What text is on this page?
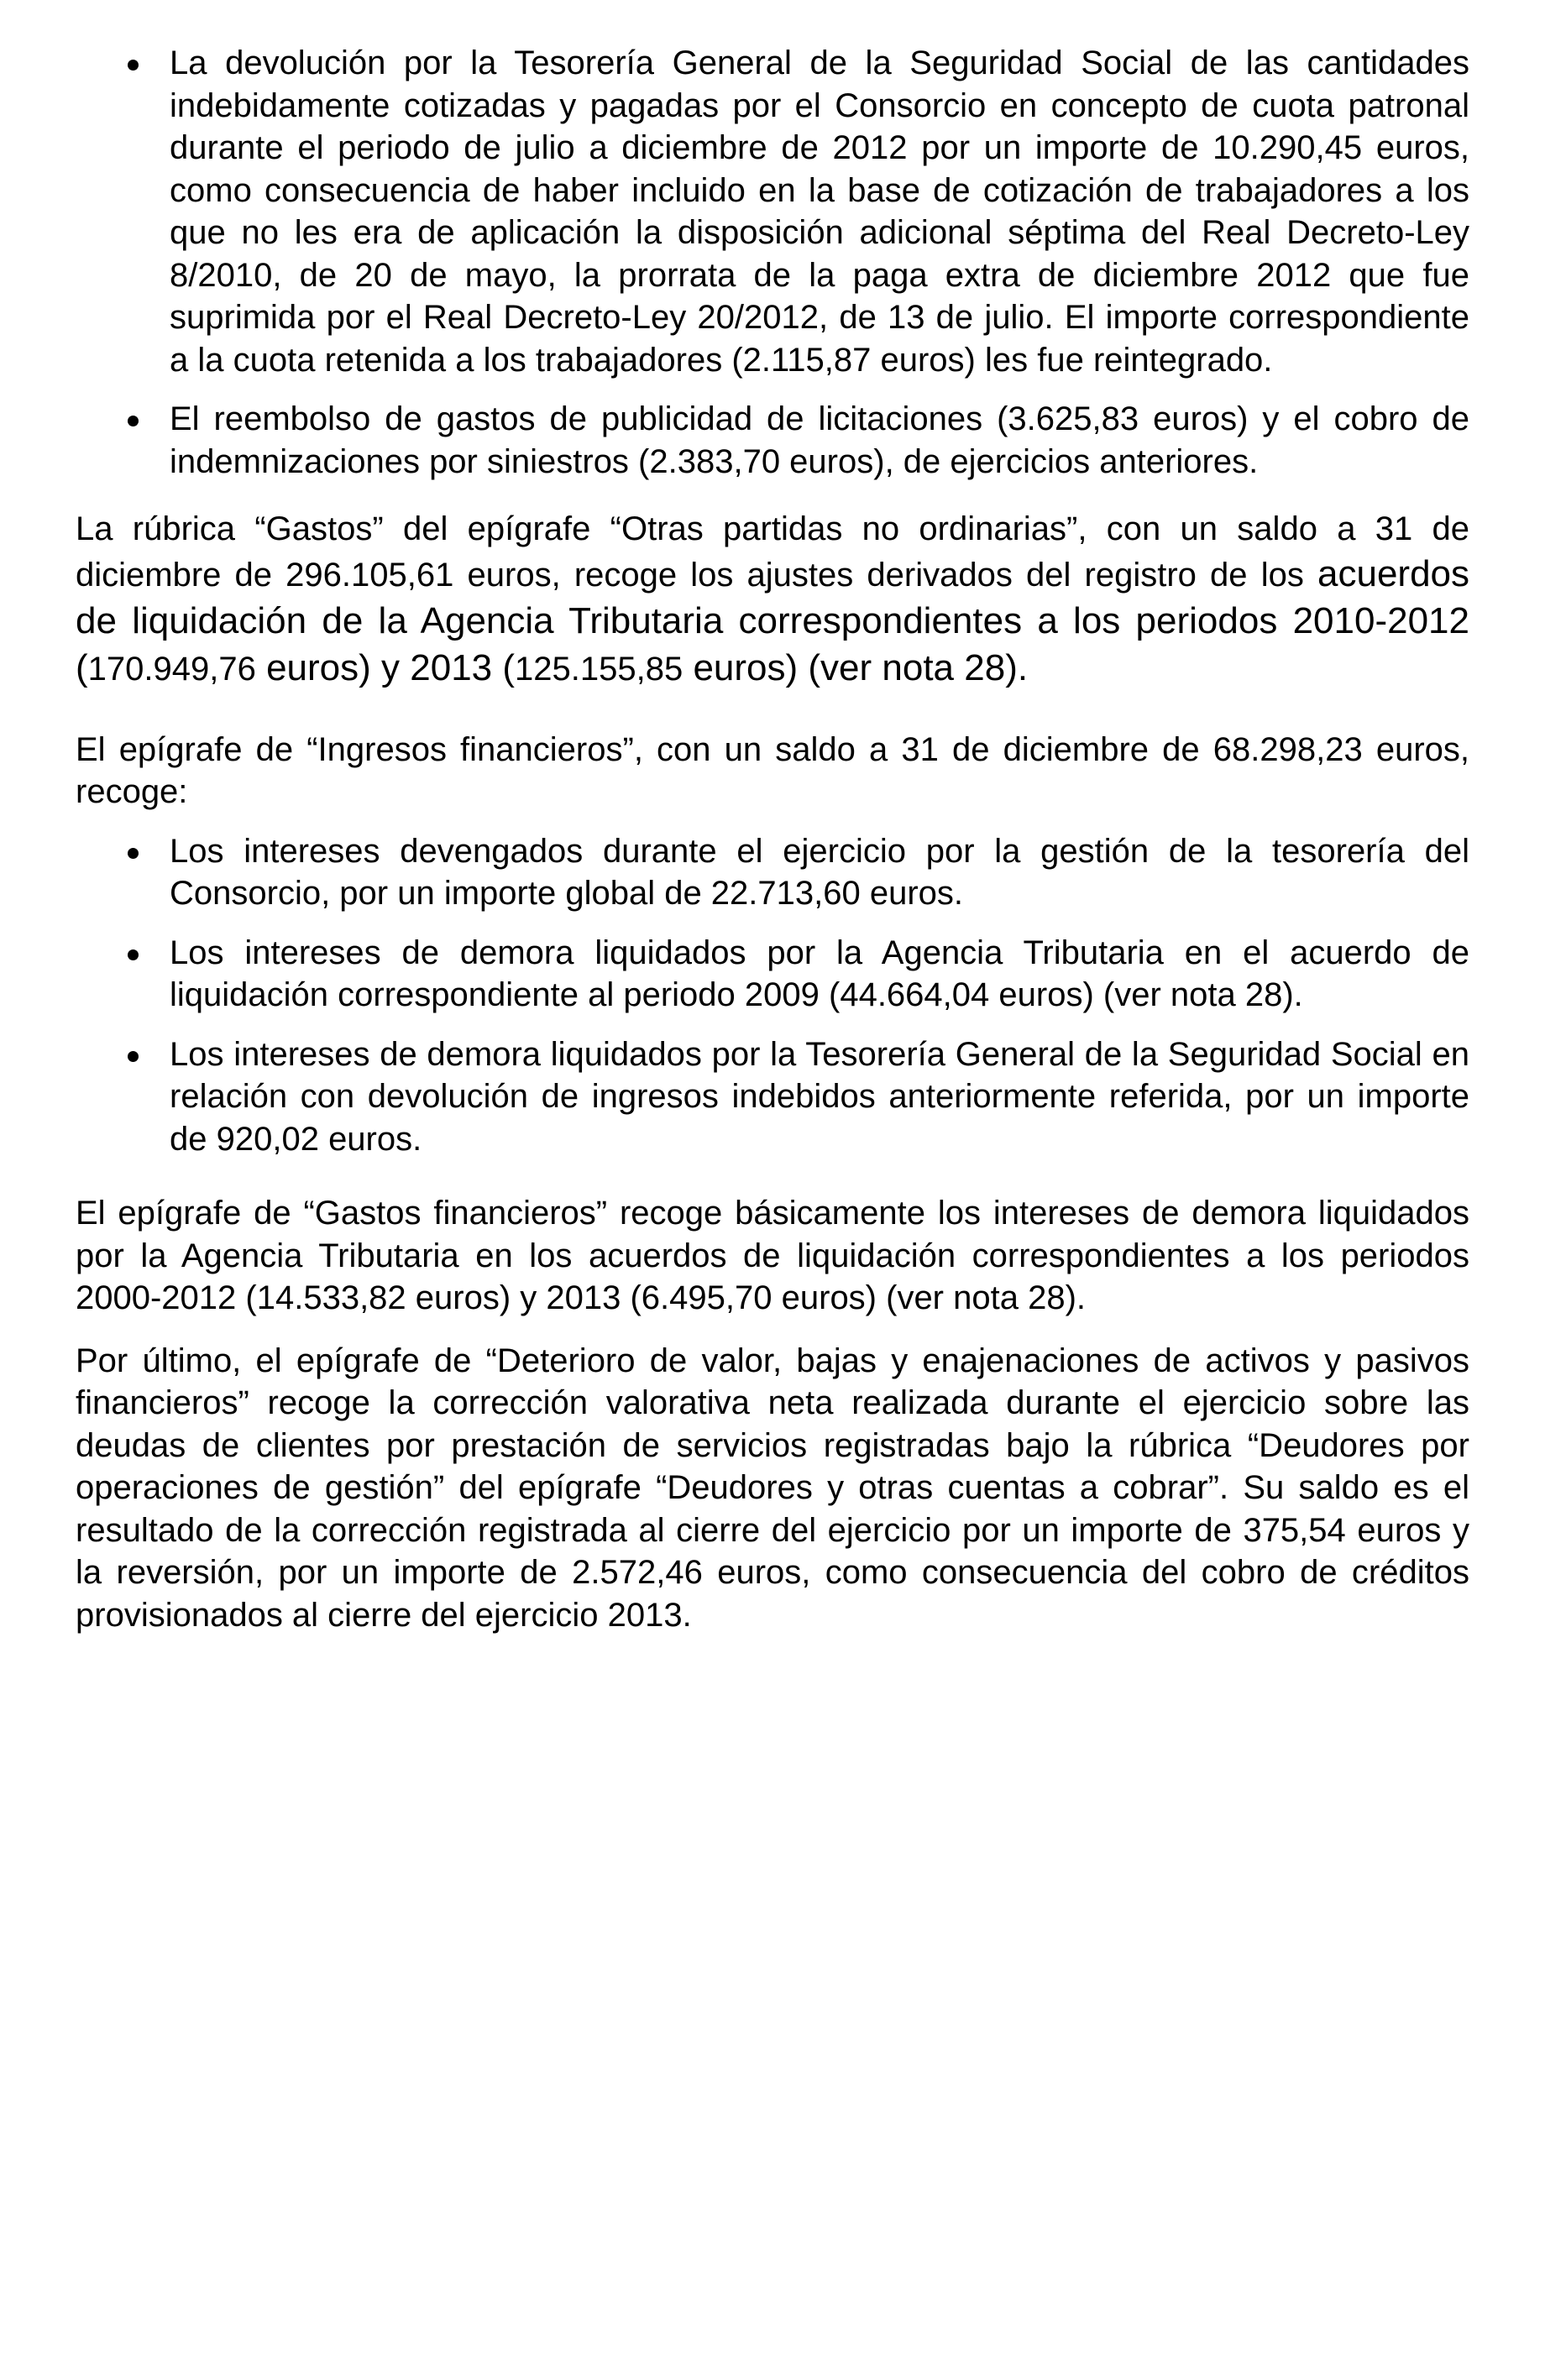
La devolución por la Tesorería General de la Seguridad Social de las cantidades indebidamente cotizadas y pagadas por el Consorcio en concepto de cuota patronal durante el periodo de julio a diciembre de 2012 por un importe de 10.290,45 euros, como consecuencia de haber incluido en la base de cotización de trabajadores a los que no les era de aplicación la disposición adicional séptima del Real Decreto-Ley 8/2010, de 20 de mayo, la prorrata de la paga extra de diciembre 2012 que fue suprimida por el Real Decreto-Ley 20/2012, de 13 de julio. El importe correspondiente a la cuota retenida a los trabajadores (2.115,87 euros) les fue reintegrado.

El reembolso de gastos de publicidad de licitaciones (3.625,83 euros) y el cobro de indemnizaciones por siniestros (2.383,70 euros), de ejercicios anteriores.

La rúbrica “Gastos” del epígrafe “Otras partidas no ordinarias”, con un saldo a 31 de diciembre de 296.105,61 euros, recoge los ajustes derivados del registro de los acuerdos de liquidación de la Agencia Tributaria correspondientes a los periodos 2010-2012 (170.949,76 euros) y 2013 (125.155,85 euros) (ver nota 28).

El epígrafe de “Ingresos financieros”, con un saldo a 31 de diciembre de 68.298,23 euros, recoge:

Los intereses devengados durante el ejercicio por la gestión de la tesorería del Consorcio, por un importe global de 22.713,60 euros.

Los intereses de demora liquidados por la Agencia Tributaria en el acuerdo de liquidación correspondiente al periodo 2009 (44.664,04 euros) (ver nota 28).

Los intereses de demora liquidados por la Tesorería General de la Seguridad Social en relación con devolución de ingresos indebidos anteriormente referida, por un importe de 920,02 euros.

El epígrafe de “Gastos financieros” recoge básicamente los intereses de demora liquidados por la Agencia Tributaria en los acuerdos de liquidación correspondientes a los periodos 2000-2012 (14.533,82 euros) y 2013 (6.495,70 euros) (ver nota 28).

Por último, el epígrafe de “Deterioro de valor, bajas y enajenaciones de activos y pasivos financieros” recoge la corrección valorativa neta realizada durante el ejercicio sobre las deudas de clientes por prestación de servicios registradas bajo la rúbrica “Deudores por operaciones de gestión” del epígrafe “Deudores y otras cuentas a cobrar”. Su saldo es el resultado de la corrección registrada al cierre del ejercicio por un importe de 375,54 euros y la reversión, por un importe de 2.572,46 euros, como consecuencia del cobro de créditos provisionados al cierre del ejercicio 2013.
